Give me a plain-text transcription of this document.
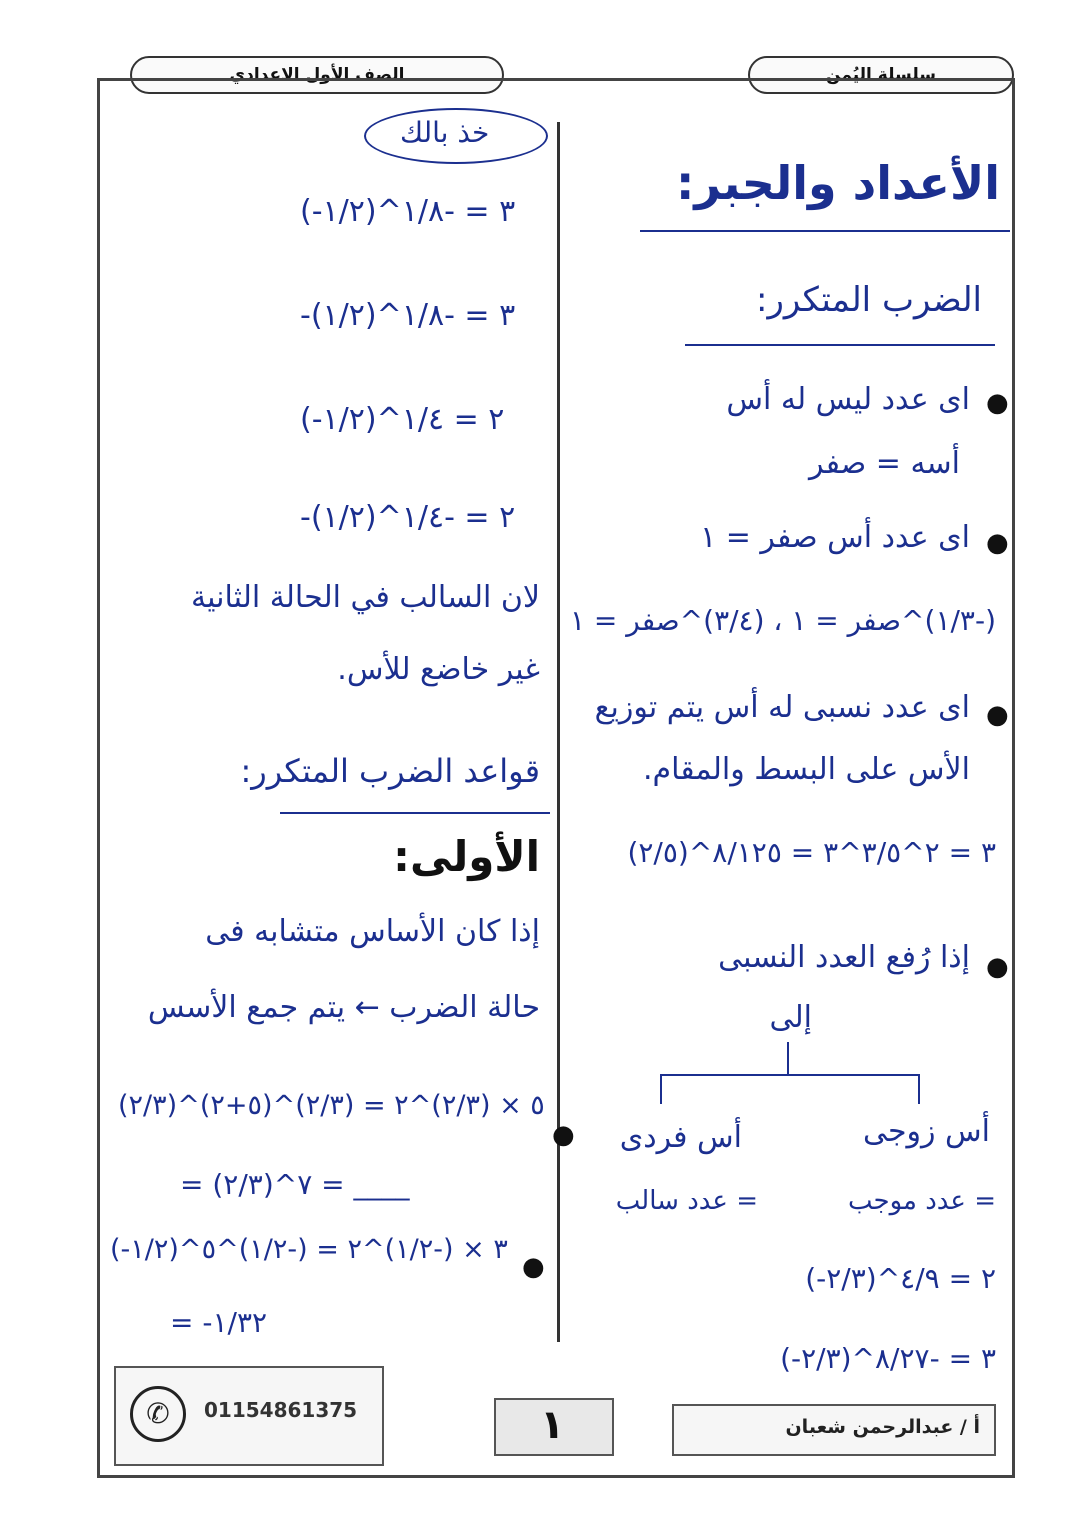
سلسلة اليُمن
الصف الأول الاعدادي
الأعداد والجبر:
الضرب المتكرر:
●
اى عدد ليس له أس
أسه = صفر
●
اى عدد أس صفر = ١
(-١/٣)^صفر = ١ ، (٣/٤)^صفر = ١
●
اى عدد نسبى له أس يتم توزيع
الأس على البسط والمقام.
(٢/٥)^٣ = ٢^٣/٥^٣ = ٨/١٢٥
●
إذا رُفع العدد النسبى
إلى
أس زوجى
أس فردى
= عدد موجب
= عدد سالب
(-٢/٣)^٢ = ٤/٩
(-٢/٣)^٣ = -٨/٢٧
خذ بالك
(-١/٢)^٣ = -١/٨
-(١/٢)^٣ = -١/٨
(-١/٢)^٢ = ١/٤
-(١/٢)^٢ = -١/٤
لان السالب في الحالة الثانية
غير خاضع للأس.
قواعد الضرب المتكرر:
الأولى:
إذا كان الأساس متشابه فى
حالة الضرب ← يتم جمع الأسس
●
(٢/٣)^٥ × (٢/٣)^٢ = (٢/٣)^(٥+٢)
= (٢/٣)^٧ = ____
●
(-١/٢)^٣ × (-١/٢)^٢ = (-١/٢)^٥
= -١/٣٢
✆	01154861375	١	أ / عبدالرحمن شعبان
